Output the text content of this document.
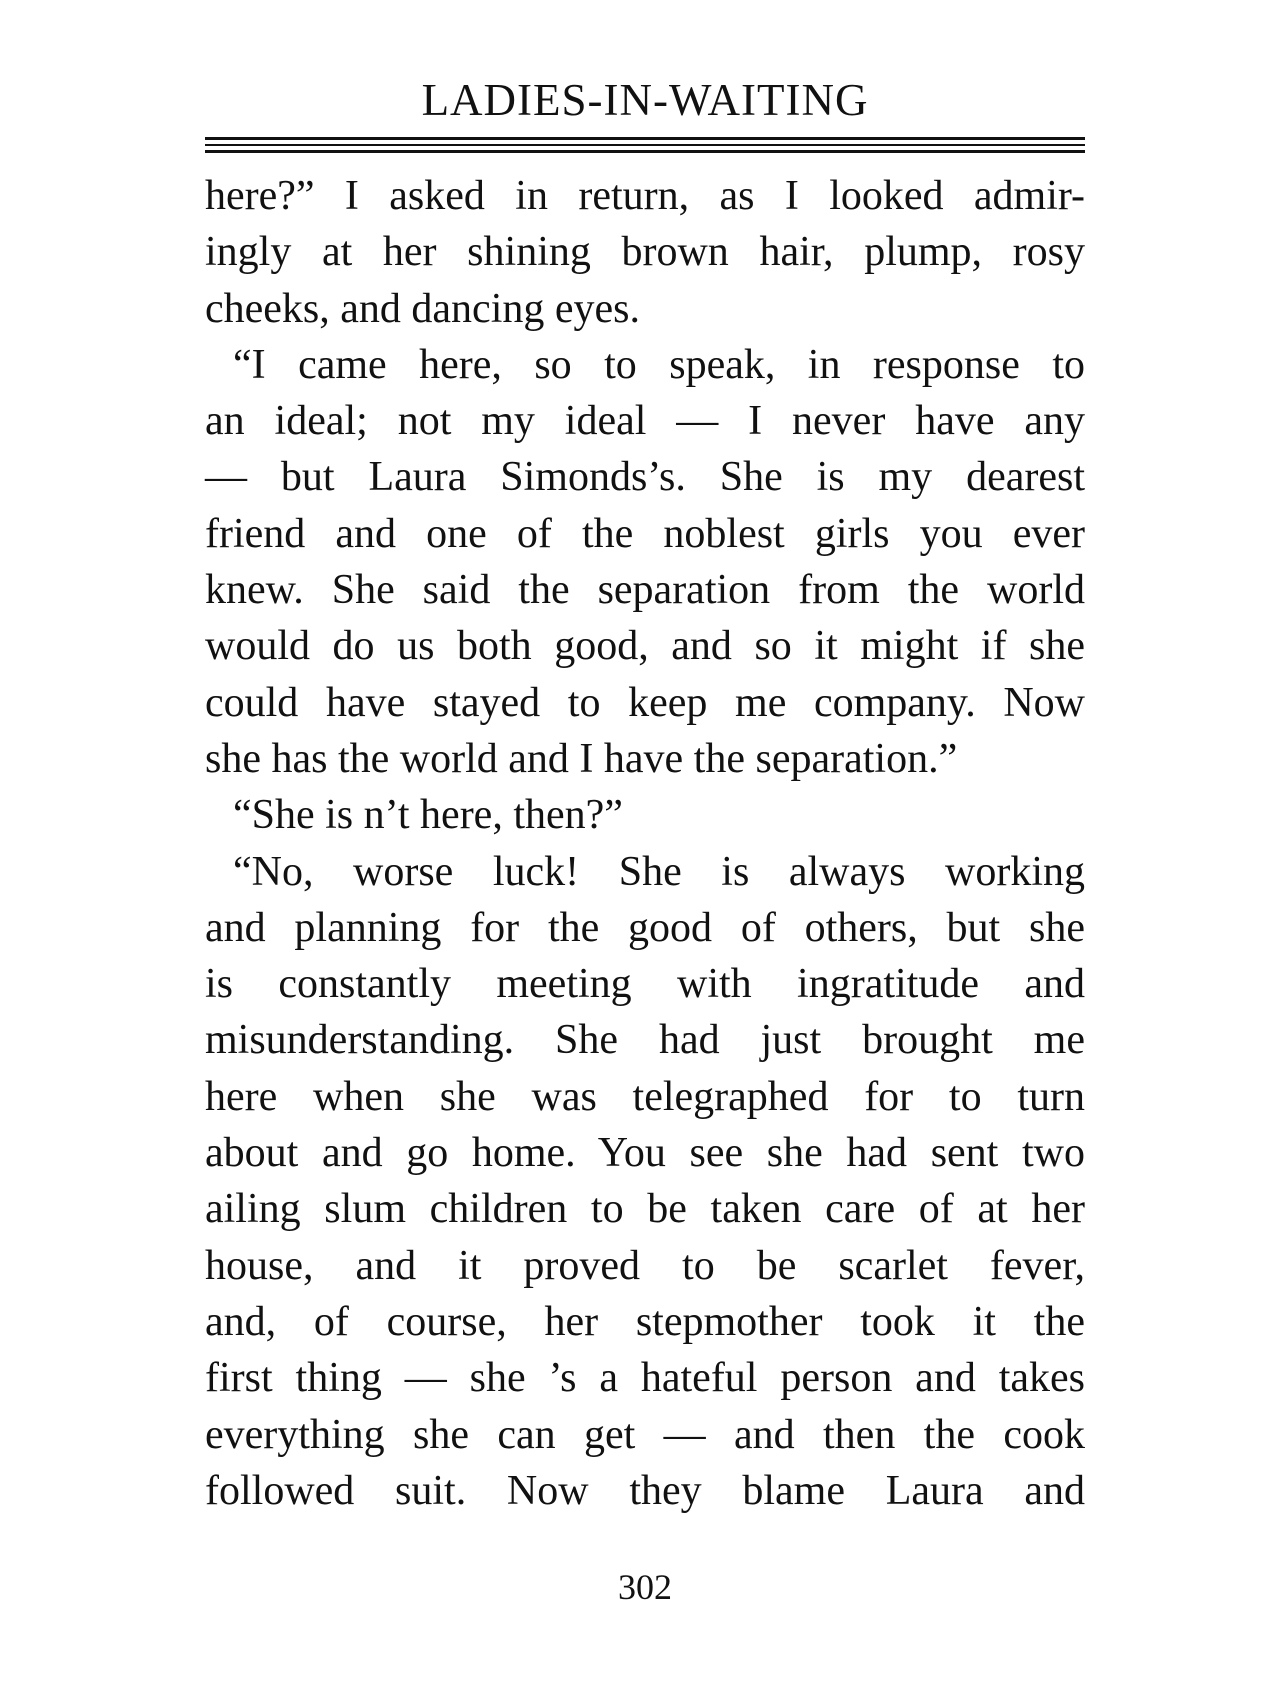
LADIES-IN-WAITING
here?” I asked in return, as I looked admir-
ingly at her shining brown hair, plump, rosy
cheeks, and dancing eyes.
“I came here, so to speak, in response to
an ideal; not my ideal — I never have any
— but Laura Simonds’s. She is my dearest
friend and one of the noblest girls you ever
knew. She said the separation from the world
would do us both good, and so it might if she
could have stayed to keep me company. Now
she has the world and I have the separation.”
“She is n’t here, then?”
“No, worse luck! She is always working
and planning for the good of others, but she
is constantly meeting with ingratitude and
misunderstanding. She had just brought me
here when she was telegraphed for to turn
about and go home. You see she had sent two
ailing slum children to be taken care of at her
house, and it proved to be scarlet fever,
and, of course, her stepmother took it the
first thing — she ’s a hateful person and takes
everything she can get — and then the cook
followed suit. Now they blame Laura and
302
